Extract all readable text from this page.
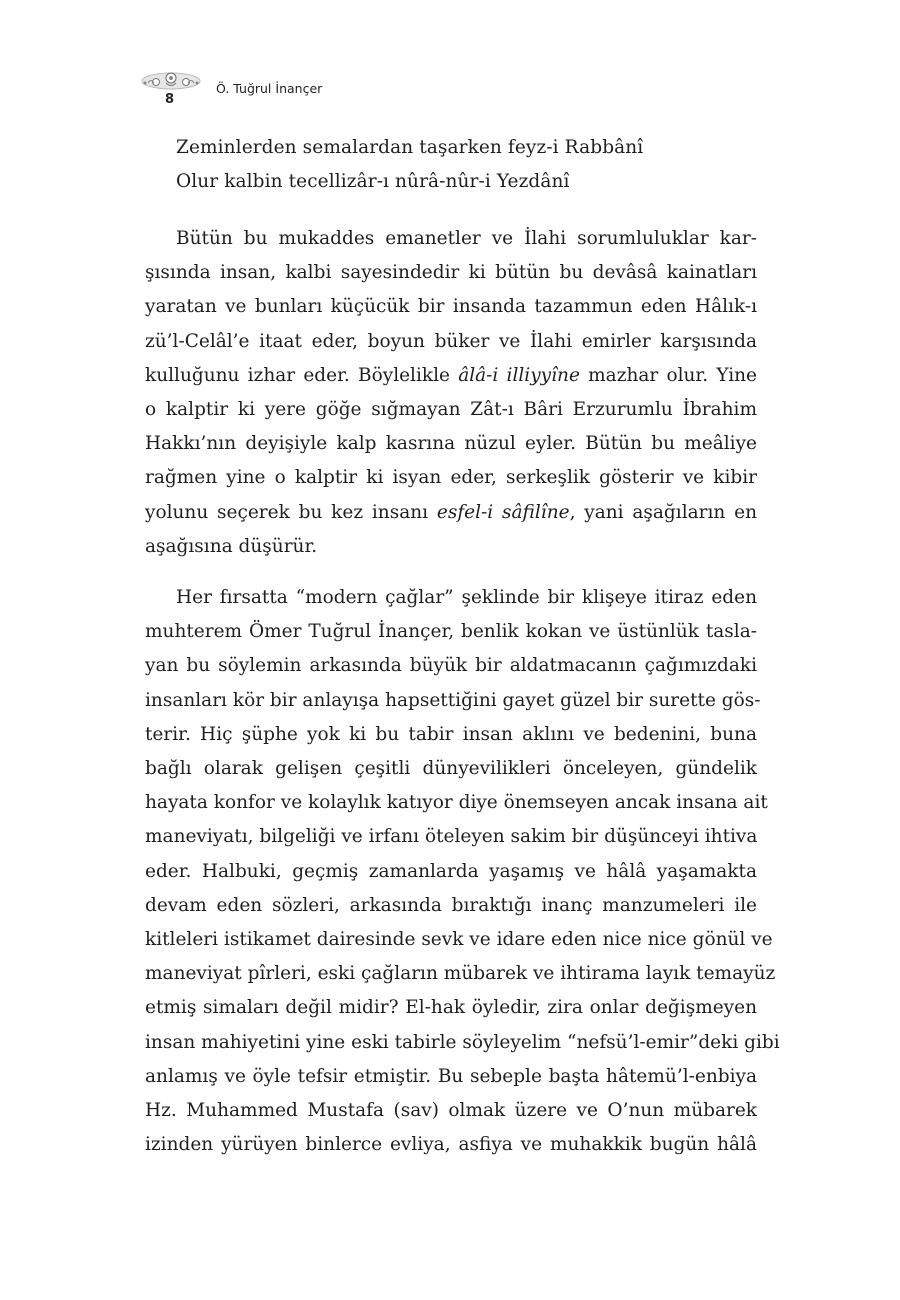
8
Ö. Tuğrul İnançer
Zeminlerden semalardan taşarken feyz-i Rabbânî
Olur kalbin tecellizâr-ı nûrâ-nûr-i Yezdânî
Bütün bu mukaddes emanetler ve İlahi sorumluluklar kar-
şısında insan, kalbi sayesindedir ki bütün bu devâsâ kainatları
yaratan ve bunları küçücük bir insanda tazammun eden Hâlık-ı
zü’l-Celâl’e itaat eder, boyun büker ve İlahi emirler karşısında
kulluğunu izhar eder. Böylelikle âlâ-i illiyyîne mazhar olur. Yine
o kalptir ki yere göğe sığmayan Zât-ı Bâri Erzurumlu İbrahim
Hakkı’nın deyişiyle kalp kasrına nüzul eyler. Bütün bu meâliye
rağmen yine o kalptir ki isyan eder, serkeşlik gösterir ve kibir
yolunu seçerek bu kez insanı esfel-i sâfilîne, yani aşağıların en
aşağısına düşürür.
Her fırsatta “modern çağlar” şeklinde bir klişeye itiraz eden
muhterem Ömer Tuğrul İnançer, benlik kokan ve üstünlük tasla-
yan bu söylemin arkasında büyük bir aldatmacanın çağımızdaki
insanları kör bir anlayışa hapsettiğini gayet güzel bir surette gös-
terir. Hiç şüphe yok ki bu tabir insan aklını ve bedenini, buna
bağlı olarak gelişen çeşitli dünyevilikleri önceleyen, gündelik
hayata konfor ve kolaylık katıyor diye önemseyen ancak insana ait
maneviyatı, bilgeliği ve irfanı öteleyen sakim bir düşünceyi ihtiva
eder. Halbuki, geçmiş zamanlarda yaşamış ve hâlâ yaşamakta
devam eden sözleri, arkasında bıraktığı inanç manzumeleri ile
kitleleri istikamet dairesinde sevk ve idare eden nice nice gönül ve
maneviyat pîrleri, eski çağların mübarek ve ihtirama layık temayüz
etmiş simaları değil midir? El-hak öyledir, zira onlar değişmeyen
insan mahiyetini yine eski tabirle söyleyelim “nefsü’l-emir”deki gibi
anlamış ve öyle tefsir etmiştir. Bu sebeple başta hâtemü’l-enbiya
Hz. Muhammed Mustafa (sav) olmak üzere ve O’nun mübarek
izinden yürüyen binlerce evliya, asfiya ve muhakkik bugün hâlâ
